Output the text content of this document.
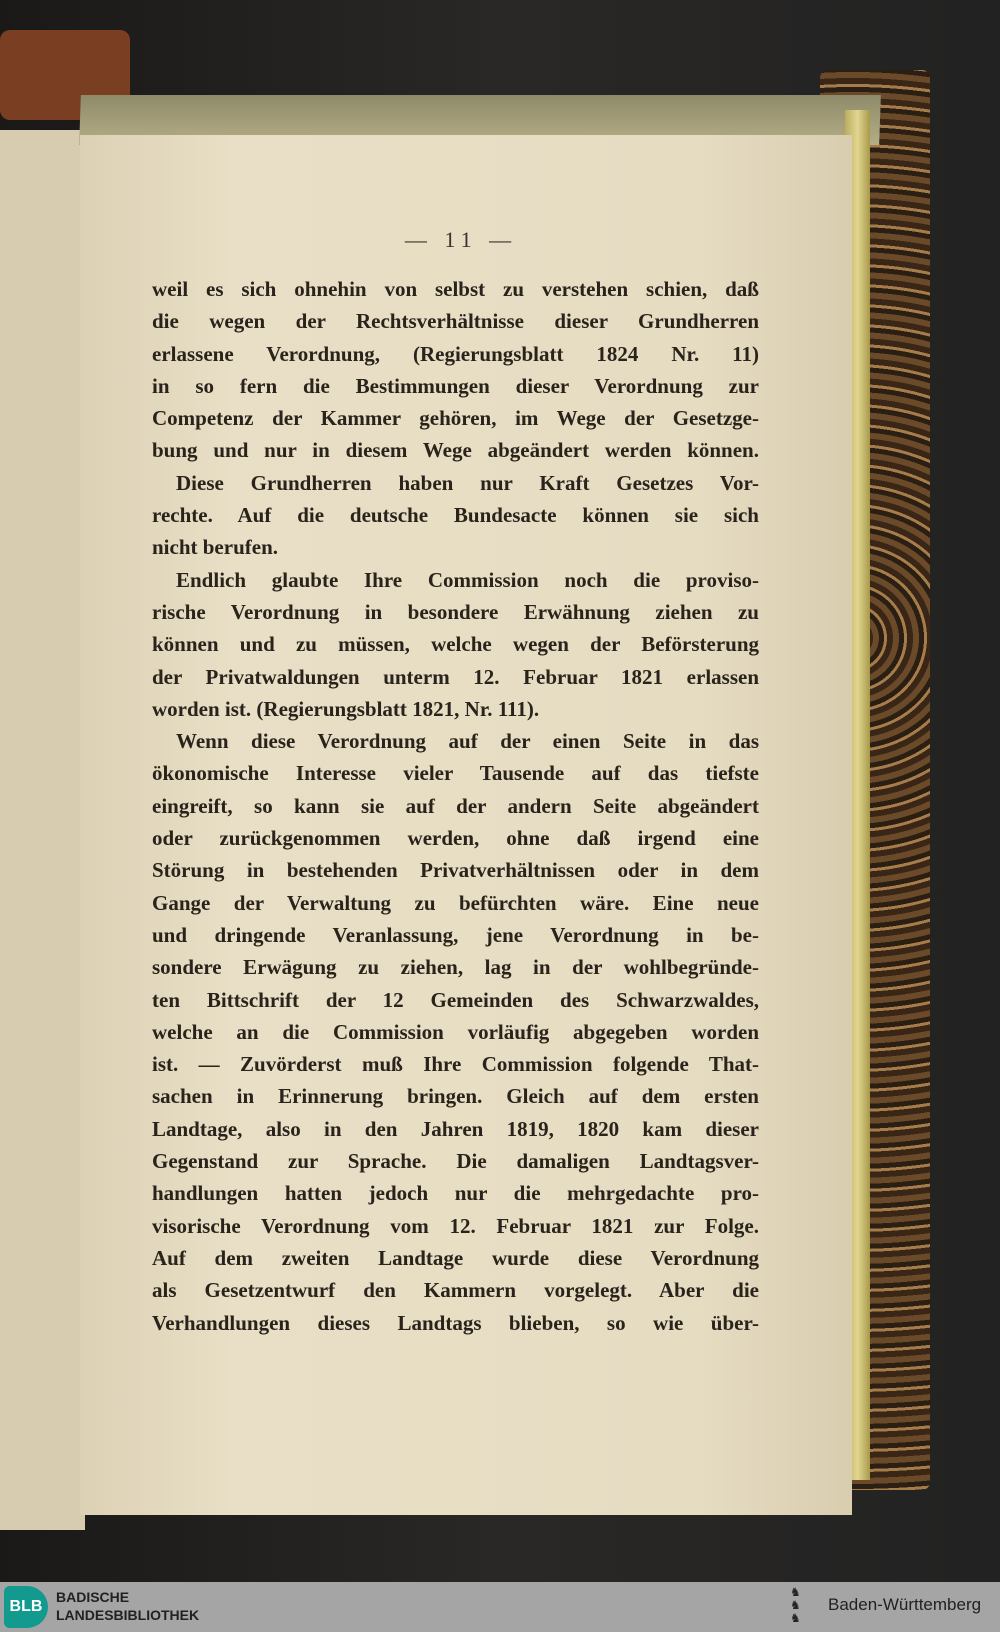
— 11 —
weil es sich ohnehin von selbst zu verstehen schien, daß
die wegen der Rechtsverhältnisse dieser Grundherren
erlassene Verordnung, (Regierungsblatt 1824 Nr. 11)
in so fern die Bestimmungen dieser Verordnung zur
Competenz der Kammer gehören, im Wege der Gesetzge-
bung und nur in diesem Wege abgeändert werden können.
Diese Grundherren haben nur Kraft Gesetzes Vor-
rechte. Auf die deutsche Bundesacte können sie sich
nicht berufen.
Endlich glaubte Ihre Commission noch die proviso-
rische Verordnung in besondere Erwähnung ziehen zu
können und zu müssen, welche wegen der Beförsterung
der Privatwaldungen unterm 12. Februar 1821 erlassen
worden ist. (Regierungsblatt 1821, Nr. 111).
Wenn diese Verordnung auf der einen Seite in das
ökonomische Interesse vieler Tausende auf das tiefste
eingreift, so kann sie auf der andern Seite abgeändert
oder zurückgenommen werden, ohne daß irgend eine
Störung in bestehenden Privatverhältnissen oder in dem
Gange der Verwaltung zu befürchten wäre. Eine neue
und dringende Veranlassung, jene Verordnung in be-
sondere Erwägung zu ziehen, lag in der wohlbegründe-
ten Bittschrift der 12 Gemeinden des Schwarzwaldes,
welche an die Commission vorläufig abgegeben worden
ist. — Zuvörderst muß Ihre Commission folgende That-
sachen in Erinnerung bringen. Gleich auf dem ersten
Landtage, also in den Jahren 1819, 1820 kam dieser
Gegenstand zur Sprache. Die damaligen Landtagsver-
handlungen hatten jedoch nur die mehrgedachte pro-
visorische Verordnung vom 12. Februar 1821 zur Folge.
Auf dem zweiten Landtage wurde diese Verordnung
als Gesetzentwurf den Kammern vorgelegt. Aber die
Verhandlungen dieses Landtags blieben, so wie über-
BLB
BADISCHE
LANDESBIBLIOTHEK
♞
♞
♞
Baden-Württemberg
